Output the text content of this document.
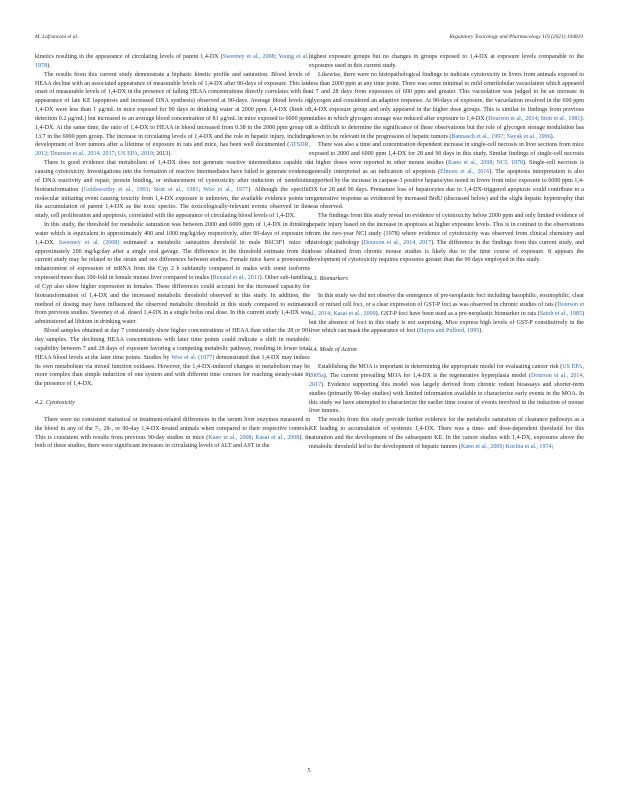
M. Lafranconi et al.	Regulatory Toxicology and Pharmacology 119 (2021) 104819

kinetics resulting in the appearance of circulating levels of parent 1,4-DX (Sweeney et al., 2008; Young et al., 1978).

The results from this current study demonstrate a biphasic kinetic profile and saturation. Blood levels of HEAA decline with an associated appearance of measurable levels of 1,4-DX after 90-days of exposure. This late onset of measurable levels of 1,4-DX in the presence of falling HEAA concentrations directly correlates with the appearance of late KE (apoptosis and increased DNA synthesis) observed at 90-days. Average blood levels of 1,4-DX were less than 1 μg/mL in mice exposed for 90 days in drinking water at 2000 ppm 1,4-DX (limit of detection 0.2 μg/mL) but increased to an average blood concentration of 81 μg/mL in mice exposed to 6000 ppm 1,4-DX. At the same time, the ratio of 1,4-DX to HEAA in blood increased from 0.38 in the 2000 ppm group to 13.7 in the 6000 ppm group. The increase in circulating levels of 1,4-DX and the role in hepatic injury, including development of liver tumors after a lifetime of exposure in rats and mice, has been well documented (ATSDR, 2012; Dourson et al., 2014, 2017; US EPA, 2019; 2013).

There is good evidence that metabolism of 1,4-DX does not generate reactive intermediates capable of causing cytotoxicity. Investigations into the formation of reactive intermediates have failed to generate evidence of DNA reactivity and repair, protein binding, or enhancement of cytotoxicity after induction of xenobiotic biotransformation (Goldsworthy et al., 1991; Stott et al., 1981; Woo et al., 1977). Although the specific molecular initiating event causing toxicity from 1,4-DX exposure is unknown, the available evidence points to the accumulation of parent 1,4-DX as the toxic species. The toxicologically-relevant events observed in this study, cell proliferation and apoptosis, correlated with the appearance of circulating blood levels of 1,4-DX.

In this study, the threshold for metabolic saturation was between 2000 and 6000 ppm of 1,4-DX in drinking water which is equivalent to approximately 400 and 1000 mg/kg/day respectively, after 90-days of exposure to 1,4-DX. Sweeney et al. (2008) estimated a metabolic saturation threshold in male B6C3F1 mice of approximately 200 mg/kg/day after a single oral gavage. The difference in the threshold estimate from this current study may be related to the strain and sex differences between studies. Female mice have a pronounced enhancement of expression of mRNA from the Cyp 2 b subfamily compared to males with some isoforms expressed more than 100-fold in female mouse liver compared to males (Renaud et al., 2011). Other sub-families of Cyp also show higher expression in females. These differences could account for the increased capacity for biotransformation of 1,4-DX and the increased metabolic threshold observed in this study. In addition, the method of dosing may have influenced the observed metabolic threshold in this study compared to estimates from previous studies. Sweeney et al. dosed 1,4-DX in a single bolus oral dose. In this current study 1,4-DX was administered ad libitum in drinking water.

Blood samples obtained at day 7 consistently show higher concentrations of HEAA than either the 28 or 90-day samples. The declining HEAA concentrations with later time points could indicate a shift in metabolic capability between 7 and 28 days of exposure favoring a competing metabolic pathway, resulting in lower total HEAA blood levels at the later time points. Studies by Woo et al. (1977) demonstrated that 1,4-DX may induce its own metabolism via mixed function oxidases. However, the 1,4-DX-induced changes in metabolism may be more complex than simple induction of one system and with different time courses for reaching steady-state in the presence of 1,4-DX.

4.2. Cytotoxicity

There were no consistent statistical or treatment-related differences in the serum liver enzymes measured in the blood in any of the 7-, 28-, or 90-day 1,4-DX-treated animals when compared to their respective controls. This is consistent with results from previous 90-day studies in mice (Kano et al., 2008; Kasai et al., 2008). In both of these studies, there were significant increases in circulating levels of ALT and AST in the

highest exposure groups but no changes in groups exposed to 1,4-DX at exposure levels comparable to the exposures used in this current study.

Likewise, there were no histopathological findings to indicate cytotoxicity in livers from animals exposed to less than 2000 ppm at any time point. There was some minimal to mild centrilobular vacuolation which appeared at 7 and 28 days from exposures of 600 ppm and greater. This vacuolation was judged to be an increase in glycogen and considered an adaptive response. At 90-days of exposure, the vacuolation resolved in the 600 ppm 1,4-DX exposure group and only appeared in the higher dose groups. This is similar to findings from previous studies in which glycogen storage was reduced after exposure to 1,4-DX (Dourson et al., 2014; Stott et al., 1981). It is difficult to determine the significance of these observations but the role of glycogen storage modulation has shown to be relevant in the progression of hepatic tumors (Bannasch et al., 1997; Nayak et al., 1996).

There was also a time and concentration dependent increase in single-cell necrosis in liver sections from mice exposed to 2000 and 6000 ppm 1,4-DX for 28 and 90 days in this study. Similar findings of single-cell necrosis at higher doses were reported in other mouse studies (Kano et al., 2008; NCI, 1978). Single-cell necrosis is generally interpreted as an indication of apoptosis (Elmore et al., 2016). The apoptosis interpretation is also supported by the increase in caspase-3 positive hepatocytes noted in livers from mice exposure to 6000 ppm 1,4-DX for 28 and 90 days. Premature loss of hepatocytes due to 1,4-DX-triggered apoptosis could contribute to a regenerative response as evidenced by increased BrdU (discussed below) and the slight hepatic hypertrophy that was observed.

The findings from this study reveal no evidence of cytotoxicity below 2000 ppm and only limited evidence of hepatic injury based on the increase in apoptosis at higher exposure levels. This is in contrast to the observations from the two-year NCI study (1978) where evidence of cytotoxicity was observed from clinical chemistry and histologic pathology (Dourson et al., 2014, 2017). The difference in the findings from this current study, and those obtained from chronic mouse studies is likely due to the time course of exposure. It appears the development of cytotoxicity requires exposures greater than the 90 days employed in this study.

4.3. Biomarkers

In this study we did not observe the emergence of pre-neoplastic foci including basophilic, eosinophilic, clear cell or mixed cell foci, or a clear expression of GST-P foci as was observed in chronic studies of rats (Dourson et al., 2014; Kasai et al., 2009). GST-P foci have been used as a pre-neoplastic biomarker in rats (Satoh et al., 1985) but the absence of foci in this study is not surprising. Mice express high levels of GST-P constitutively in the liver which can mask the appearance of foci (Hayes and Pulford, 1995).

4.4. Mode of Action

Establishing the MOA is important in determining the appropriate model for evaluating cancer risk (US EPA, 2005a). The current prevailing MOA for 1,4-DX is the regenerative hyperplasia model (Dourson et al., 2014, 2017). Evidence supporting this model was largely derived from chronic rodent bioassays and shorter-term studies (primarily 90-day studies) with limited information available to characterize early events in the MOA. In this study we have attempted to characterize the earlier time course of events involved in the induction of mouse liver tumors.

The results from this study provide further evidence for the metabolic saturation of clearance pathways as a KE leading to accumulation of systemic 1,4-DX. There was a time- and dose-dependent threshold for this saturation and the development of the subsequent KE. In the cancer studies with 1,4-DX, exposures above the metabolic threshold led to the development of hepatic tumors (Kano et al., 2009; Kociba et al., 1974;

5
